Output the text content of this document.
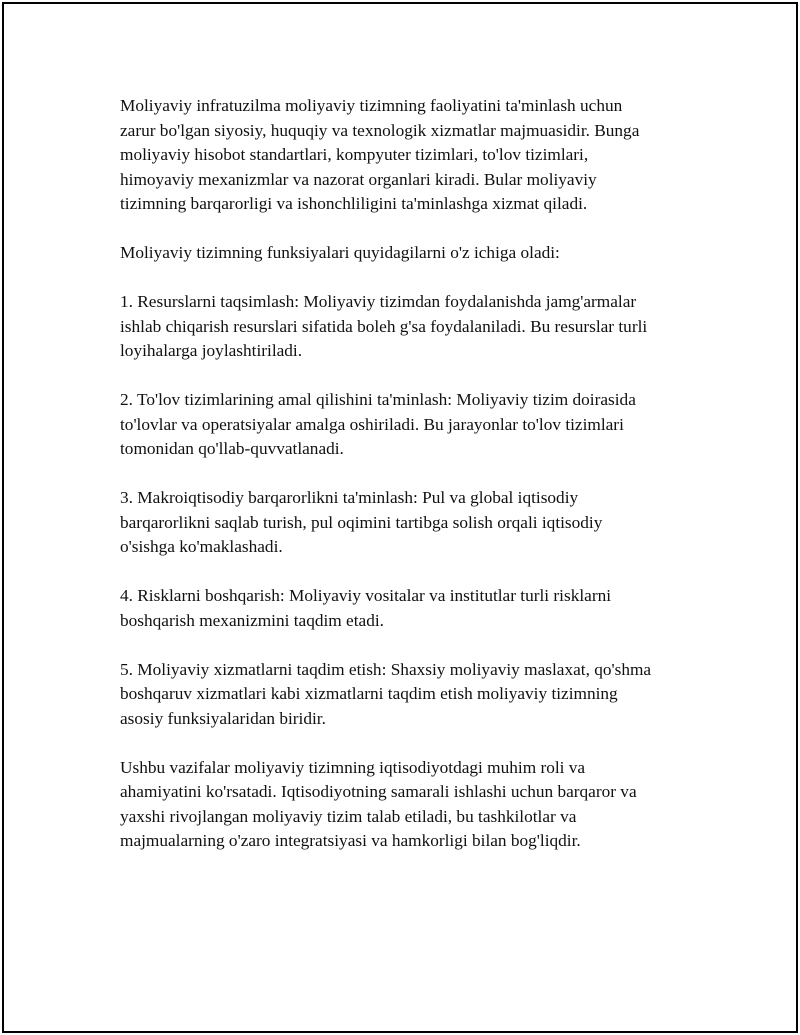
Moliyaviy infratuzilma moliyaviy tizimning faoliyatini ta'minlash uchun
zarur bo'lgan siyosiy, huquqiy va texnologik xizmatlar majmuasidir. Bunga
moliyaviy hisobot standartlari, kompyuter tizimlari, to'lov tizimlari,
himoyaviy mexanizmlar va nazorat organlari kiradi. Bular moliyaviy
tizimning barqarorligi va ishonchliligini ta'minlashga xizmat qiladi.

Moliyaviy tizimning funksiyalari quyidagilarni o'z ichiga oladi:

1. Resurslarni taqsimlash: Moliyaviy tizimdan foydalanishda jamg'armalar
ishlab chiqarish resurslari sifatida boleh g'sa foydalaniladi. Bu resurslar turli
loyihalarga joylashtiriladi.

2. To'lov tizimlarining amal qilishini ta'minlash: Moliyaviy tizim doirasida
to'lovlar va operatsiyalar amalga oshiriladi. Bu jarayonlar to'lov tizimlari
tomonidan qo'llab-quvvatlanadi.

3. Makroiqtisodiy barqarorlikni ta'minlash: Pul va global iqtisodiy
barqarorlikni saqlab turish, pul oqimini tartibga solish orqali iqtisodiy
o'sishga ko'maklashadi.

4. Risklarni boshqarish: Moliyaviy vositalar va institutlar turli risklarni
boshqarish mexanizmini taqdim etadi.

5. Moliyaviy xizmatlarni taqdim etish: Shaxsiy moliyaviy maslaxat, qo'shma
boshqaruv xizmatlari kabi xizmatlarni taqdim etish moliyaviy tizimning
asosiy funksiyalaridan biridir.

Ushbu vazifalar moliyaviy tizimning iqtisodiyotdagi muhim roli va
ahamiyatini ko'rsatadi. Iqtisodiyotning samarali ishlashi uchun barqaror va
yaxshi rivojlangan moliyaviy tizim talab etiladi, bu tashkilotlar va
majmualarning o'zaro integratsiyasi va hamkorligi bilan bog'liqdir.
